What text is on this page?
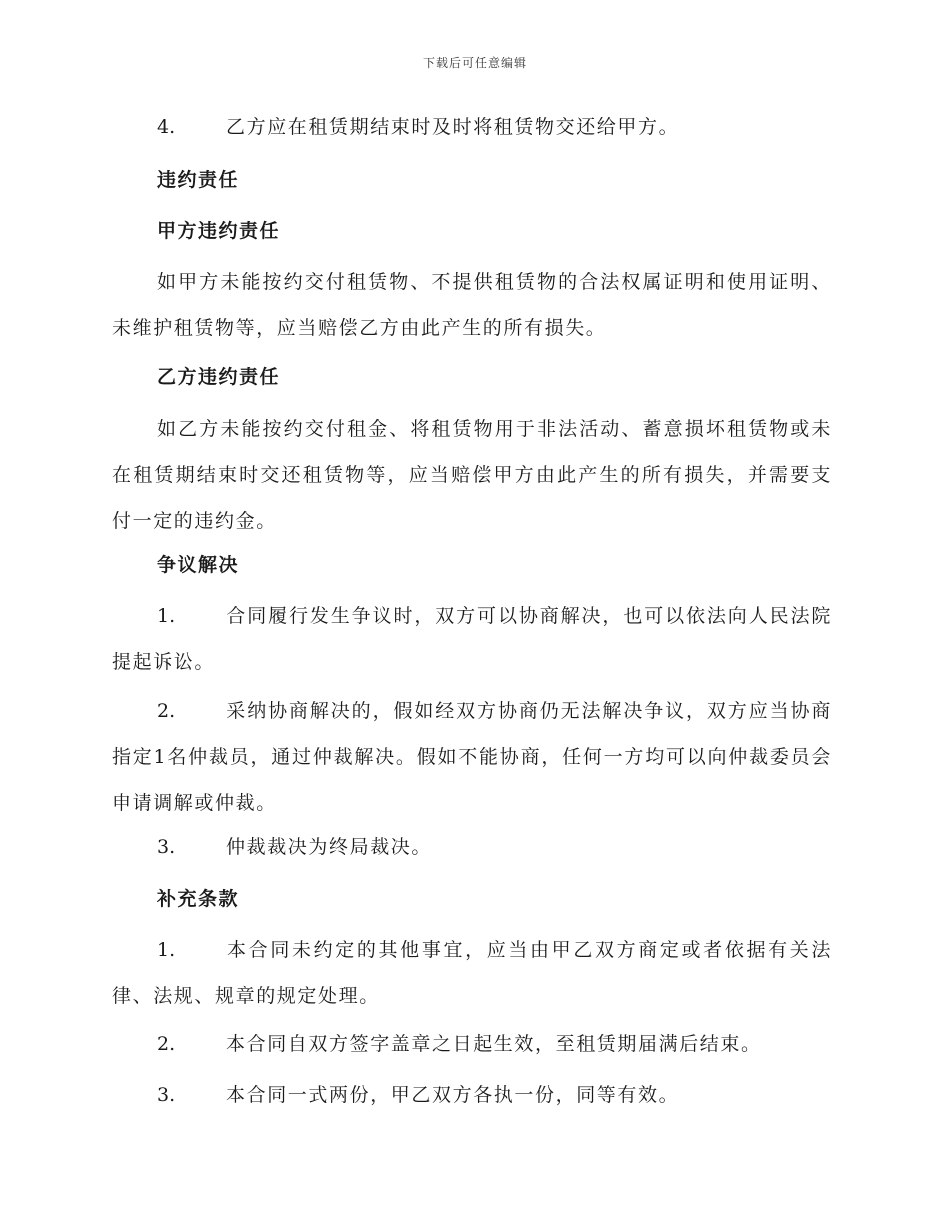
下载后可任意编辑

4.	乙方应在租赁期结束时及时将租赁物交还给甲方。

违约责任

甲方违约责任

如甲方未能按约交付租赁物、不提供租赁物的合法权属证明和使用证明、未维护租赁物等，应当赔偿乙方由此产生的所有损失。

乙方违约责任

如乙方未能按约交付租金、将租赁物用于非法活动、蓄意损坏租赁物或未在租赁期结束时交还租赁物等，应当赔偿甲方由此产生的所有损失，并需要支付一定的违约金。

争议解决

1.	合同履行发生争议时，双方可以协商解决，也可以依法向人民法院提起诉讼。

2.	采纳协商解决的，假如经双方协商仍无法解决争议，双方应当协商指定1名仲裁员，通过仲裁解决。假如不能协商，任何一方均可以向仲裁委员会申请调解或仲裁。

3.	仲裁裁决为终局裁决。

补充条款

1.	本合同未约定的其他事宜，应当由甲乙双方商定或者依据有关法律、法规、规章的规定处理。

2.	本合同自双方签字盖章之日起生效，至租赁期届满后结束。

3.	本合同一式两份，甲乙双方各执一份，同等有效。
